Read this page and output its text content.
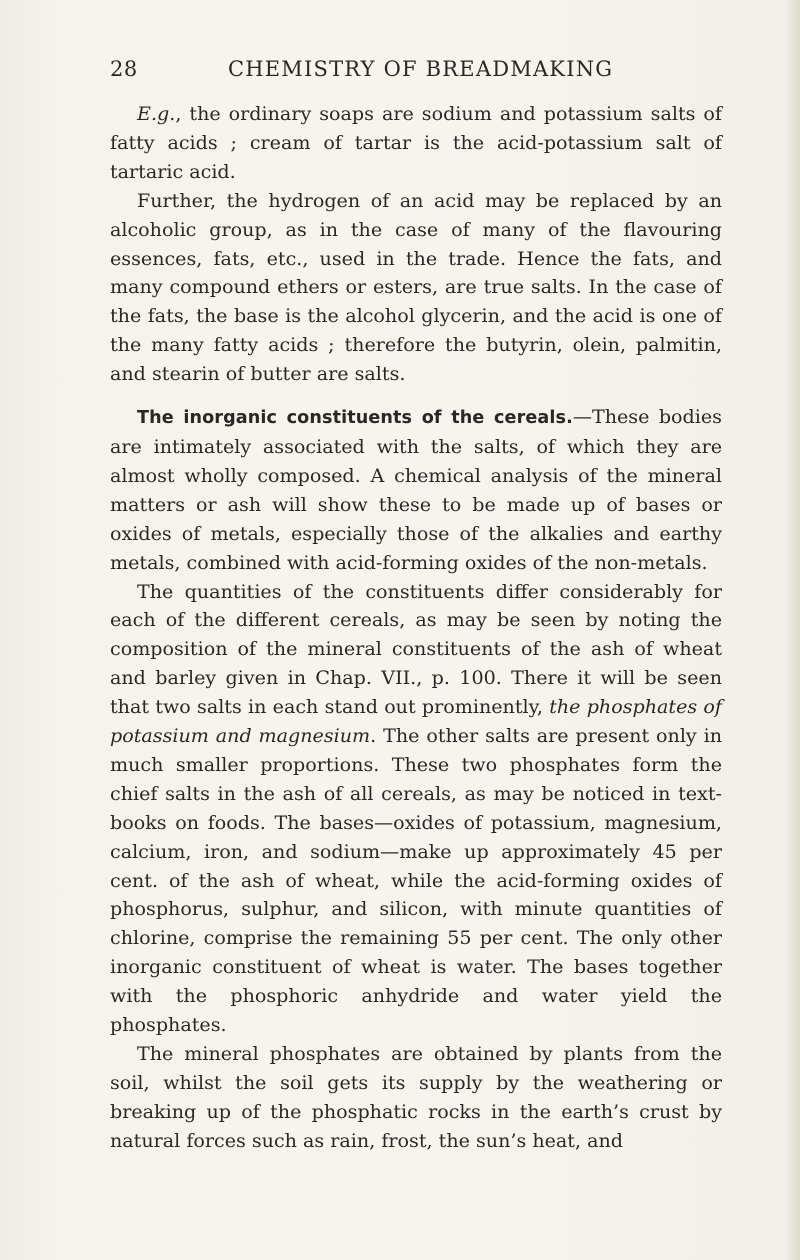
28	CHEMISTRY OF BREADMAKING

E.g., the ordinary soaps are sodium and potassium salts of fatty acids ; cream of tartar is the acid-potassium salt of tartaric acid.

Further, the hydrogen of an acid may be replaced by an alcoholic group, as in the case of many of the flavouring essences, fats, etc., used in the trade. Hence the fats, and many compound ethers or esters, are true salts. In the case of the fats, the base is the alcohol glycerin, and the acid is one of the many fatty acids ; therefore the butyrin, olein, palmitin, and stearin of butter are salts.

The inorganic constituents of the cereals.—These bodies are intimately associated with the salts, of which they are almost wholly composed. A chemical analysis of the mineral matters or ash will show these to be made up of bases or oxides of metals, especially those of the alkalies and earthy metals, combined with acid-forming oxides of the non-metals.

The quantities of the constituents differ considerably for each of the different cereals, as may be seen by noting the composition of the mineral constituents of the ash of wheat and barley given in Chap. VII., p. 100. There it will be seen that two salts in each stand out prominently, the phosphates of potassium and magnesium. The other salts are present only in much smaller proportions. These two phosphates form the chief salts in the ash of all cereals, as may be noticed in text-books on foods. The bases—oxides of potassium, magnesium, calcium, iron, and sodium—make up approximately 45 per cent. of the ash of wheat, while the acid-forming oxides of phosphorus, sulphur, and silicon, with minute quantities of chlorine, comprise the remaining 55 per cent. The only other inorganic constituent of wheat is water. The bases together with the phosphoric anhydride and water yield the phosphates.

The mineral phosphates are obtained by plants from the soil, whilst the soil gets its supply by the weathering or breaking up of the phosphatic rocks in the earth’s crust by natural forces such as rain, frost, the sun’s heat, and
